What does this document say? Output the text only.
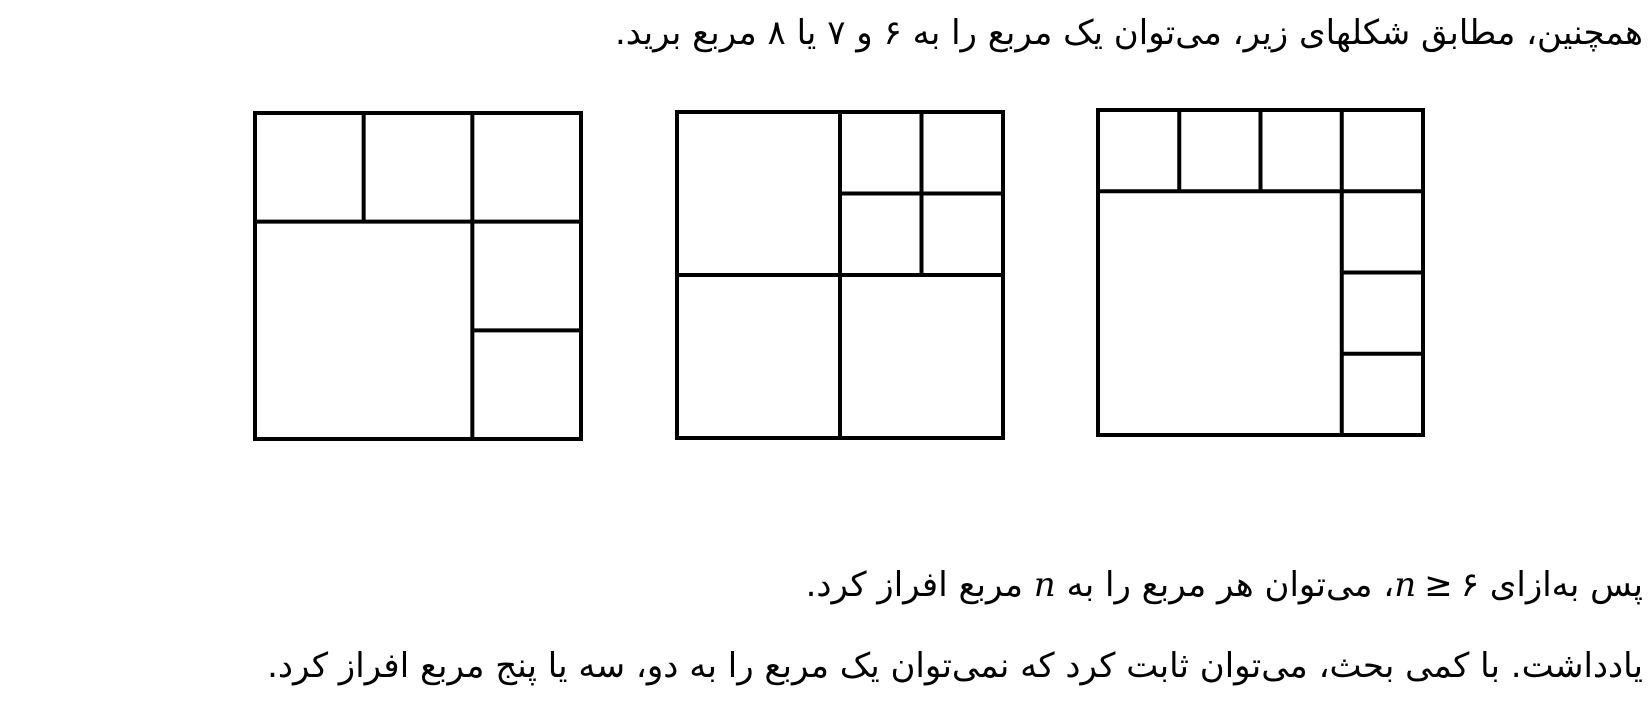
همچنین، مطابق شکلهای زیر، می‌توان یک مربع را به ۶ و ۷ یا ۸ مربع برید.

پس به‌ازای n ≥ ۶، می‌توان هر مربع را به n مربع افراز کرد.

یادداشت. با کمی بحث، می‌توان ثابت کرد که نمی‌توان یک مربع را به دو، سه یا پنج مربع افراز کرد.
